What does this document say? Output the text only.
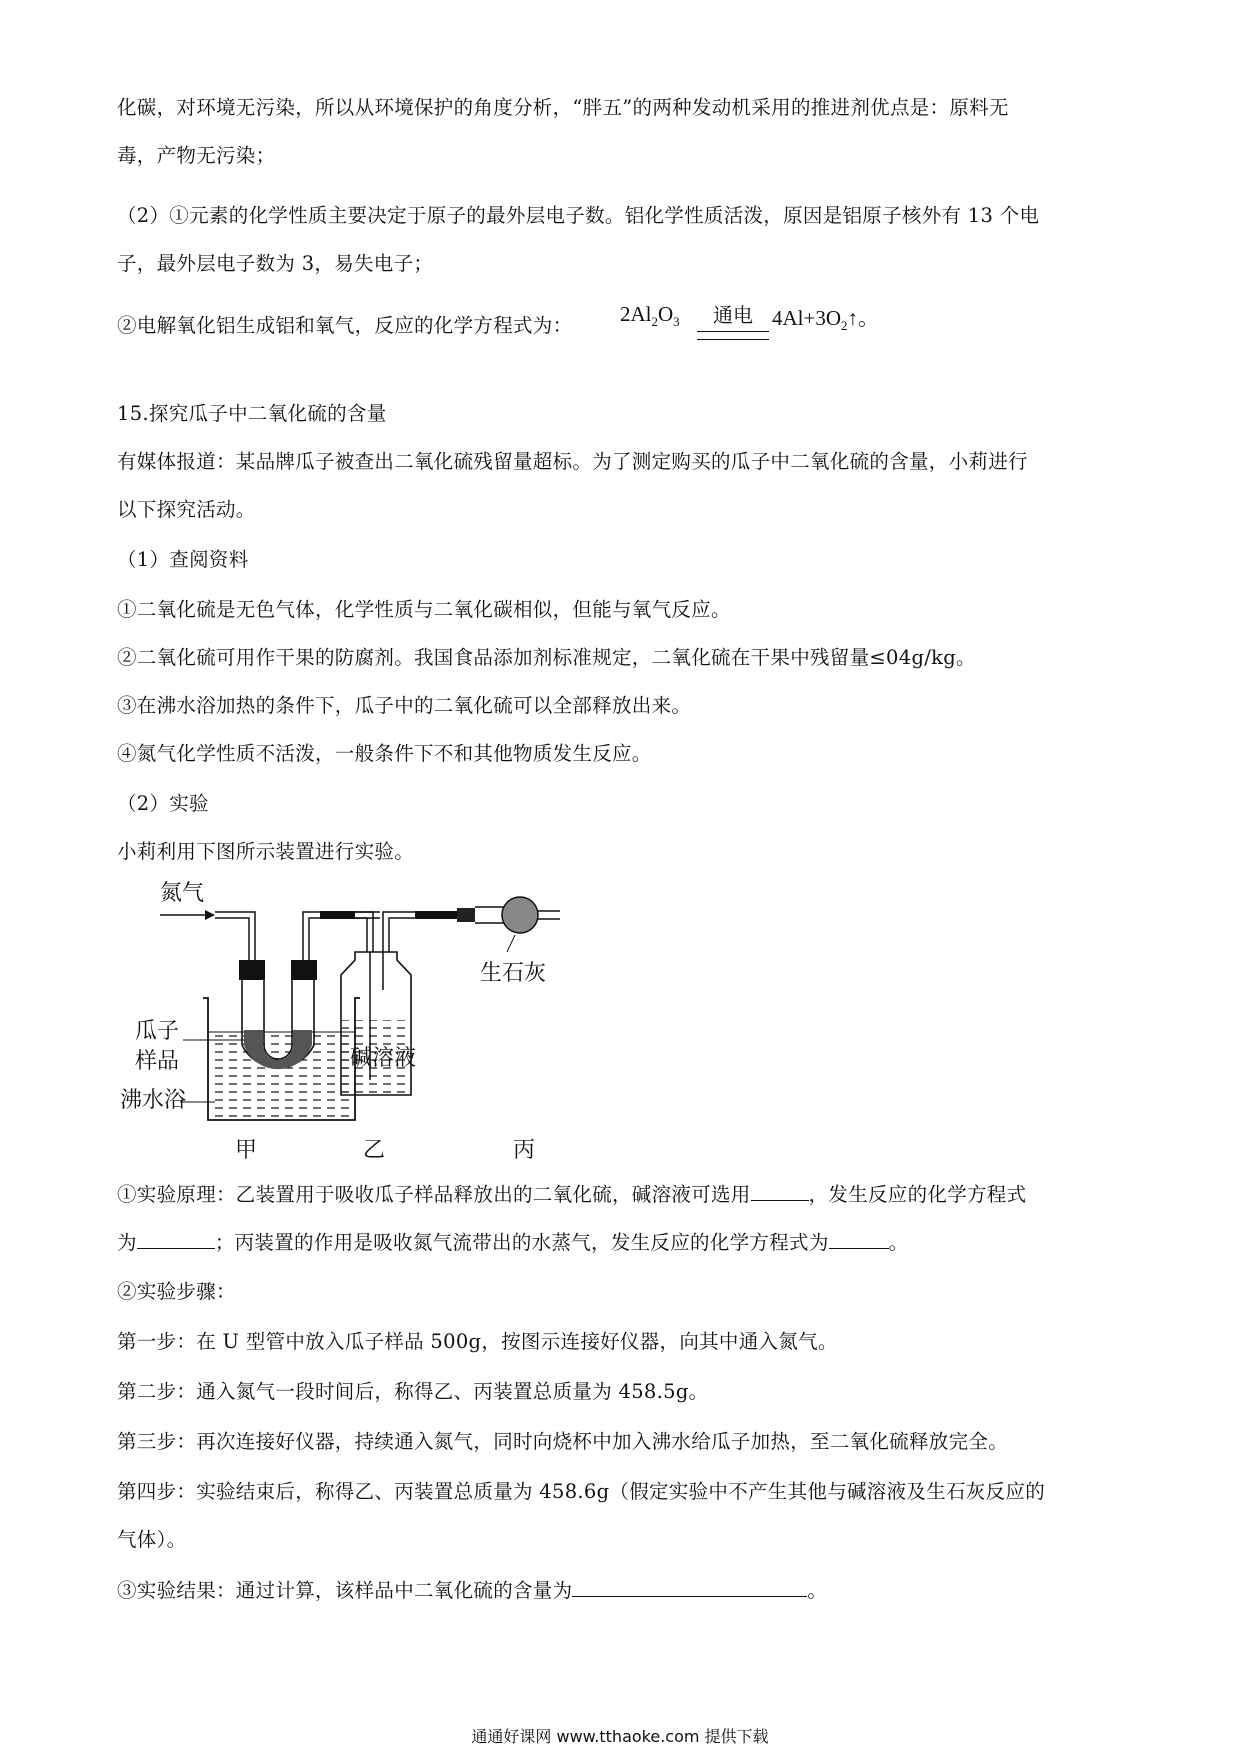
化碳，对环境无污染，所以从环境保护的角度分析，“胖五”的两种发动机采用的推进剂优点是：原料无
毒，产物无污染；
（2）①元素的化学性质主要决定于原子的最外层电子数。铝化学性质活泼，原因是铝原子核外有 13 个电
子，最外层电子数为 3，易失电子；
②电解氧化铝生成铝和氧气，反应的化学方程式为： $2Al_2O_3$	通电 $4Al+3O_2↑$。
15.探究瓜子中二氧化硫的含量
有媒体报道：某品牌瓜子被查出二氧化硫残留量超标。为了测定购买的瓜子中二氧化硫的含量，小莉进行
以下探究活动。
（1）查阅资料
①二氧化硫是无色气体，化学性质与二氧化碳相似，但能与氧气反应。
②二氧化硫可用作干果的防腐剂。我国食品添加剂标准规定，二氧化硫在干果中残留量≤04g/kg。
③在沸水浴加热的条件下，瓜子中的二氧化硫可以全部释放出来。
④氮气化学性质不活泼，一般条件下不和其他物质发生反应。
（2）实验
小莉利用下图所示装置进行实验。
氮气
生石灰
碱溶液
瓜子
样品
沸水浴
甲	乙	丙
①实验原理：乙装置用于吸收瓜子样品释放出的二氧化硫，碱溶液可选用	，发生反应的化学方程式
为	；丙装置的作用是吸收氮气流带出的水蒸气，发生反应的化学方程式为	。
②实验步骤：
第一步：在 U 型管中放入瓜子样品 500g，按图示连接好仪器，向其中通入氮气。
第二步：通入氮气一段时间后，称得乙、丙装置总质量为 458.5g。
第三步：再次连接好仪器，持续通入氮气，同时向烧杯中加入沸水给瓜子加热，至二氧化硫释放完全。
第四步：实验结束后，称得乙、丙装置总质量为 458.6g（假定实验中不产生其他与碱溶液及生石灰反应的
气体）。
③实验结果：通过计算，该样品中二氧化硫的含量为	。
通通好课网 www.tthaoke.com 提供下载
